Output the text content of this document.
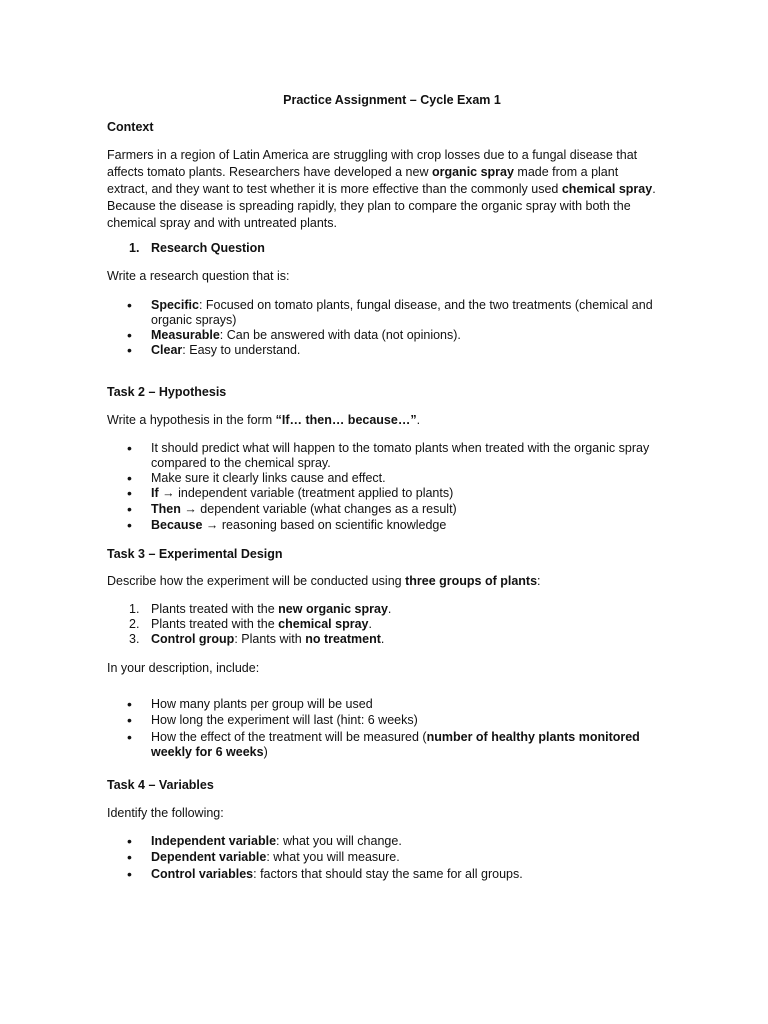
Practice Assignment – Cycle Exam 1

Context

Farmers in a region of Latin America are struggling with crop losses due to a fungal disease that
affects tomato plants. Researchers have developed a new organic spray made from a plant
extract, and they want to test whether it is more effective than the commonly used chemical spray.
Because the disease is spreading rapidly, they plan to compare the organic spray with both the
chemical spray and with untreated plants.
1. Research Question

Write a research question that is:

• Specific: Focused on tomato plants, fungal disease, and the two treatments (chemical and
organic sprays)
• Measurable: Can be answered with data (not opinions).
• Clear: Easy to understand.

Task 2 – Hypothesis

Write a hypothesis in the form “If… then… because…”.

• It should predict what will happen to the tomato plants when treated with the organic spray
compared to the chemical spray.
• Make sure it clearly links cause and effect.
• If → independent variable (treatment applied to plants)
• Then → dependent variable (what changes as a result)
• Because → reasoning based on scientific knowledge

Task 3 – Experimental Design

Describe how the experiment will be conducted using three groups of plants:

1. Plants treated with the new organic spray.
2. Plants treated with the chemical spray.
3. Control group: Plants with no treatment.

In your description, include:

• How many plants per group will be used
• How long the experiment will last (hint: 6 weeks)
• How the effect of the treatment will be measured (number of healthy plants monitored
weekly for 6 weeks)

Task 4 – Variables

Identify the following:

• Independent variable: what you will change.
• Dependent variable: what you will measure.
• Control variables: factors that should stay the same for all groups.
